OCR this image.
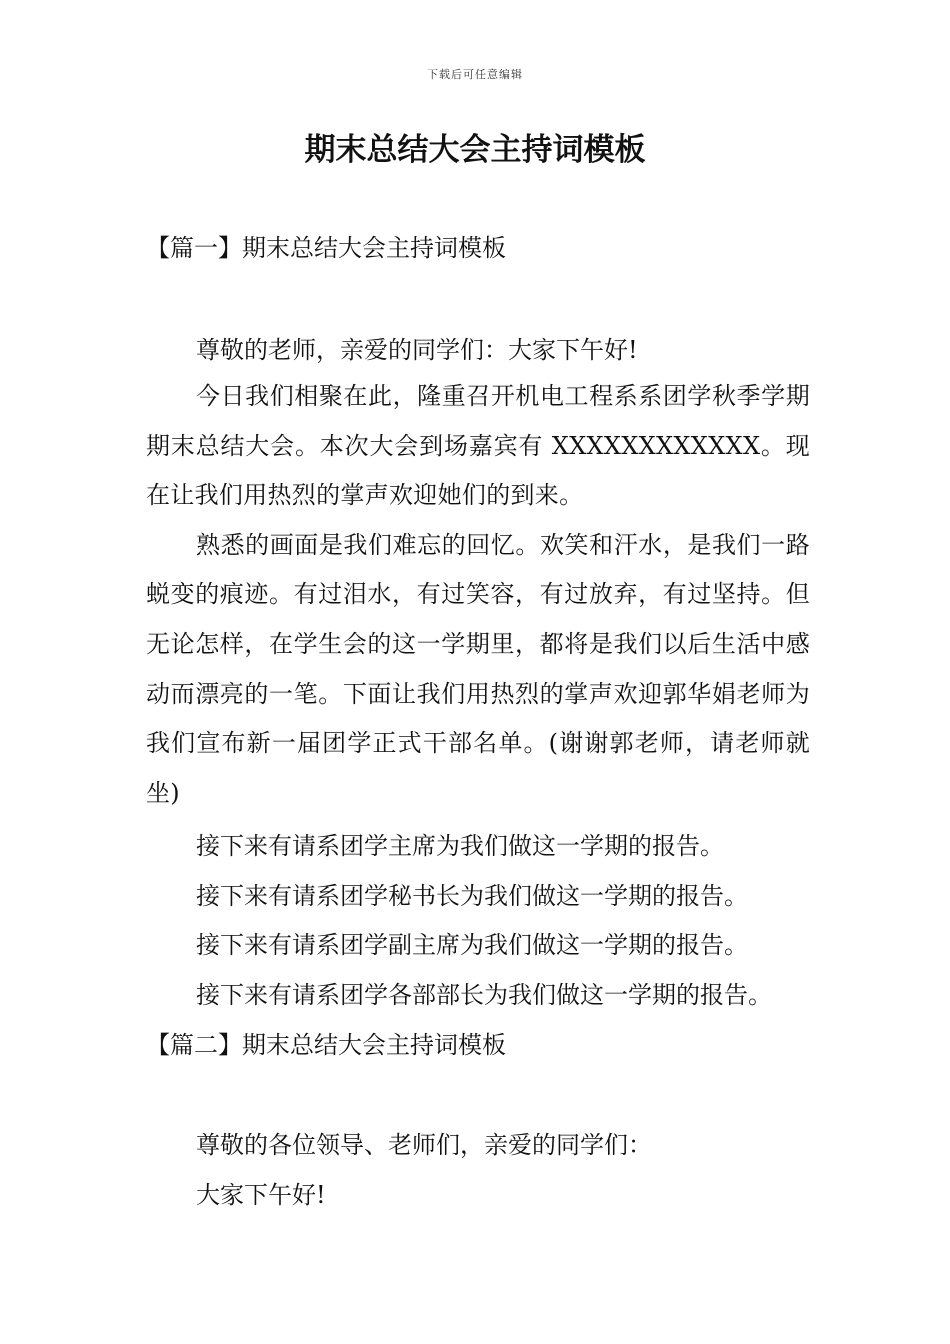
下载后可任意编辑
期末总结大会主持词模板
【篇一】期末总结大会主持词模板
尊敬的老师，亲爱的同学们：大家下午好!

今日我们相聚在此，隆重召开机电工程系系团学秋季学期期末总结大会。本次大会到场嘉宾有 XXXXXXXXXXXX。现在让我们用热烈的掌声欢迎她们的到来。

熟悉的画面是我们难忘的回忆。欢笑和汗水，是我们一路蜕变的痕迹。有过泪水，有过笑容，有过放弃，有过坚持。但无论怎样，在学生会的这一学期里，都将是我们以后生活中感动而漂亮的一笔。下面让我们用热烈的掌声欢迎郭华娟老师为我们宣布新一届团学正式干部名单。(谢谢郭老师，请老师就坐)

接下来有请系团学主席为我们做这一学期的报告。
接下来有请系团学秘书长为我们做这一学期的报告。
接下来有请系团学副主席为我们做这一学期的报告。
接下来有请系团学各部部长为我们做这一学期的报告。
【篇二】期末总结大会主持词模板
尊敬的各位领导、老师们，亲爱的同学们：
大家下午好!
